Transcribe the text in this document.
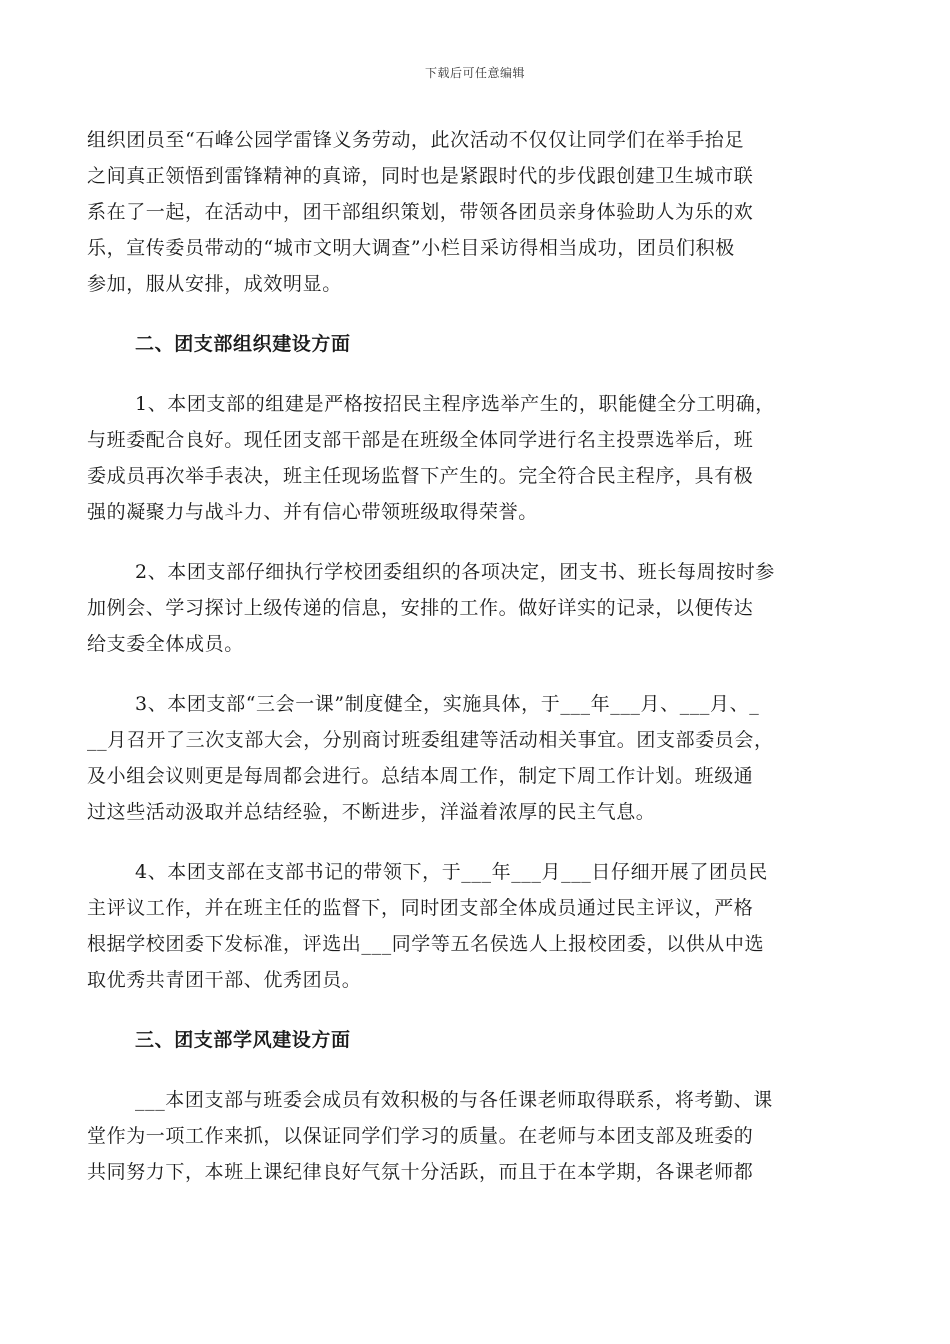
下载后可任意编辑
组织团员至“石峰公园学雷锋义务劳动，此次活动不仅仅让同学们在举手抬足
之间真正领悟到雷锋精神的真谛，同时也是紧跟时代的步伐跟创建卫生城市联
系在了一起，在活动中，团干部组织策划，带领各团员亲身体验助人为乐的欢
乐，宣传委员带动的“城市文明大调查”小栏目采访得相当成功，团员们积极
参加，服从安排，成效明显。
二、团支部组织建设方面
1、本团支部的组建是严格按招民主程序选举产生的，职能健全分工明确，
与班委配合良好。现任团支部干部是在班级全体同学进行名主投票选举后，班
委成员再次举手表决，班主任现场监督下产生的。完全符合民主程序，具有极
强的凝聚力与战斗力、并有信心带领班级取得荣誉。
2、本团支部仔细执行学校团委组织的各项决定，团支书、班长每周按时参
加例会、学习探讨上级传递的信息，安排的工作。做好详实的记录，以便传达
给支委全体成员。
3、本团支部“三会一课”制度健全，实施具体，于___年___月、___月、_
__月召开了三次支部大会，分别商讨班委组建等活动相关事宜。团支部委员会，
及小组会议则更是每周都会进行。总结本周工作，制定下周工作计划。班级通
过这些活动汲取并总结经验，不断进步，洋溢着浓厚的民主气息。
4、本团支部在支部书记的带领下，于___年___月___日仔细开展了团员民
主评议工作，并在班主任的监督下，同时团支部全体成员通过民主评议，严格
根据学校团委下发标准，评选出___同学等五名侯选人上报校团委，以供从中选
取优秀共青团干部、优秀团员。
三、团支部学风建设方面
___本团支部与班委会成员有效积极的与各任课老师取得联系，将考勤、课
堂作为一项工作来抓，以保证同学们学习的质量。在老师与本团支部及班委的
共同努力下，本班上课纪律良好气氛十分活跃，而且于在本学期，各课老师都
